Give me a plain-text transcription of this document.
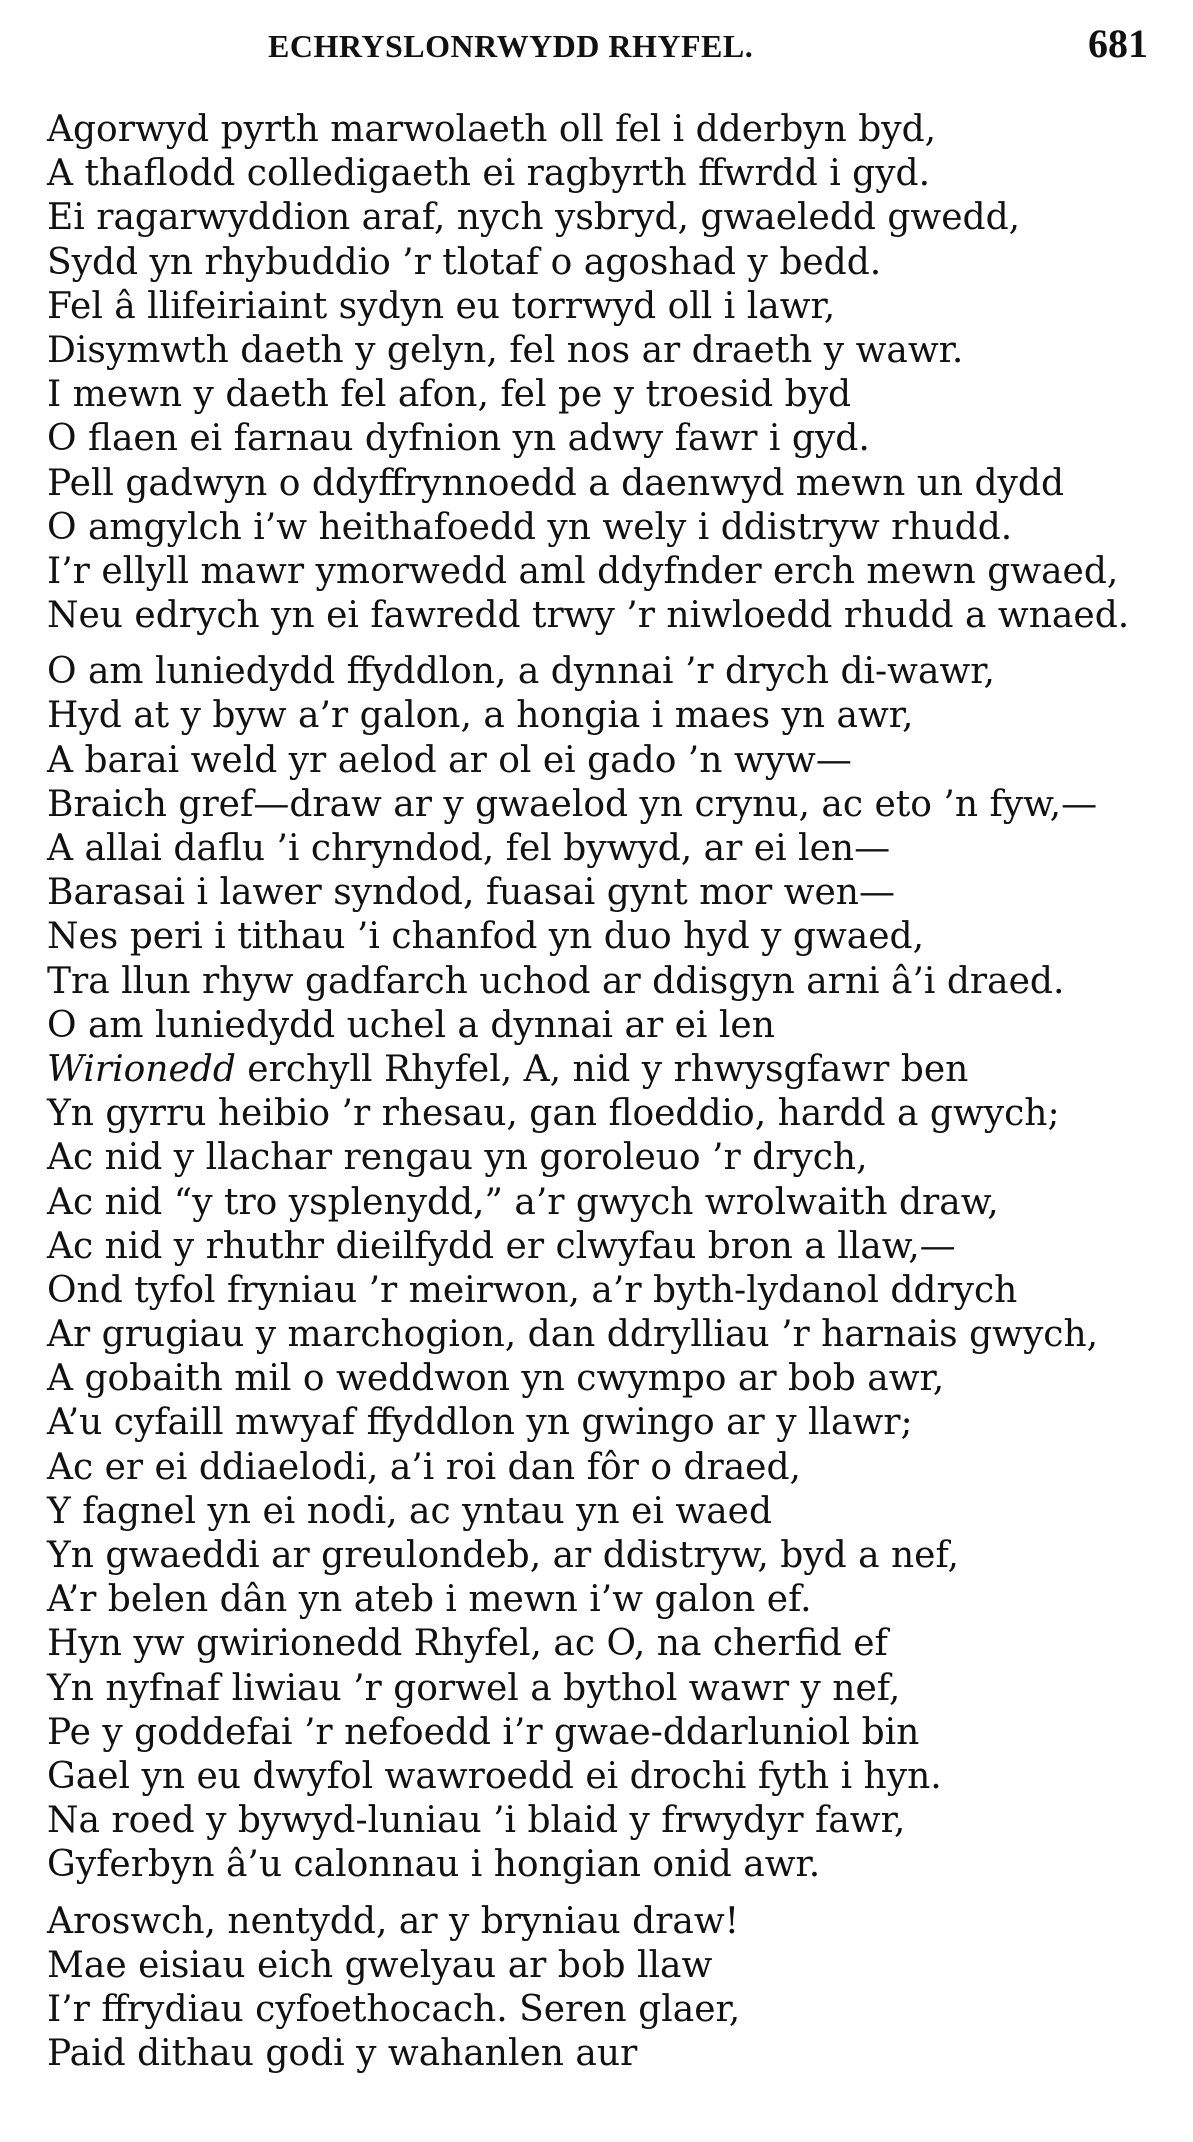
ECHRYSLONRWYDD RHYFEL.	681
Agorwyd pyrth marwolaeth oll fel i dderbyn byd,
A thaflodd colledigaeth ei ragbyrth ffwrdd i gyd.
Ei ragarwyddion araf, nych ysbryd, gwaeledd gwedd,
Sydd yn rhybuddio ’r tlotaf o agoshad y bedd.
Fel â llifeiriaint sydyn eu torrwyd oll i lawr,
Disymwth daeth y gelyn, fel nos ar draeth y wawr.
I mewn y daeth fel afon, fel pe y troesid byd
O flaen ei farnau dyfnion yn adwy fawr i gyd.
Pell gadwyn o ddyffrynnoedd a daenwyd mewn un dydd
O amgylch i’w heithafoedd yn wely i ddistryw rhudd.
I’r ellyll mawr ymorwedd aml ddyfnder erch mewn gwaed,
Neu edrych yn ei fawredd trwy ’r niwloedd rhudd a wnaed.
O am luniedydd ffyddlon, a dynnai ’r drych di-wawr,
Hyd at y byw a’r galon, a hongia i maes yn awr,
A barai weld yr aelod ar ol ei gado ’n wyw—
Braich gref—draw ar y gwaelod yn crynu, ac eto ’n fyw,—
A allai daflu ’i chryndod, fel bywyd, ar ei len—
Barasai i lawer syndod, fuasai gynt mor wen—
Nes peri i tithau ’i chanfod yn duo hyd y gwaed,
Tra llun rhyw gadfarch uchod ar ddisgyn arni â’i draed.
O am luniedydd uchel a dynnai ar ei len
Wirionedd erchyll Rhyfel, A, nid y rhwysgfawr ben
Yn gyrru heibio ’r rhesau, gan floeddio, hardd a gwych;
Ac nid y llachar rengau yn goroleuo ’r drych,
Ac nid “y tro ysplenydd,” a’r gwych wrolwaith draw,
Ac nid y rhuthr dieilfydd er clwyfau bron a llaw,—
Ond tyfol fryniau ’r meirwon, a’r byth-lydanol ddrych
Ar grugiau y marchogion, dan ddrylliau ’r harnais gwych,
A gobaith mil o weddwon yn cwympo ar bob awr,
A’u cyfaill mwyaf ffyddlon yn gwingo ar y llawr;
Ac er ei ddiaelodi, a’i roi dan fôr o draed,
Y fagnel yn ei nodi, ac yntau yn ei waed
Yn gwaeddi ar greulondeb, ar ddistryw, byd a nef,
A’r belen dân yn ateb i mewn i’w galon ef.
Hyn yw gwirionedd Rhyfel, ac O, na cherfid ef
Yn nyfnaf liwiau ’r gorwel a bythol wawr y nef,
Pe y goddefai ’r nefoedd i’r gwae-ddarluniol bin
Gael yn eu dwyfol wawroedd ei drochi fyth i hyn.
Na roed y bywyd-luniau ’i blaid y frwydyr fawr,
Gyferbyn â’u calonnau i hongian onid awr.
Aroswch, nentydd, ar y bryniau draw!
Mae eisiau eich gwelyau ar bob llaw
I’r ffrydiau cyfoethocach. Seren glaer,
Paid dithau godi y wahanlen aur
